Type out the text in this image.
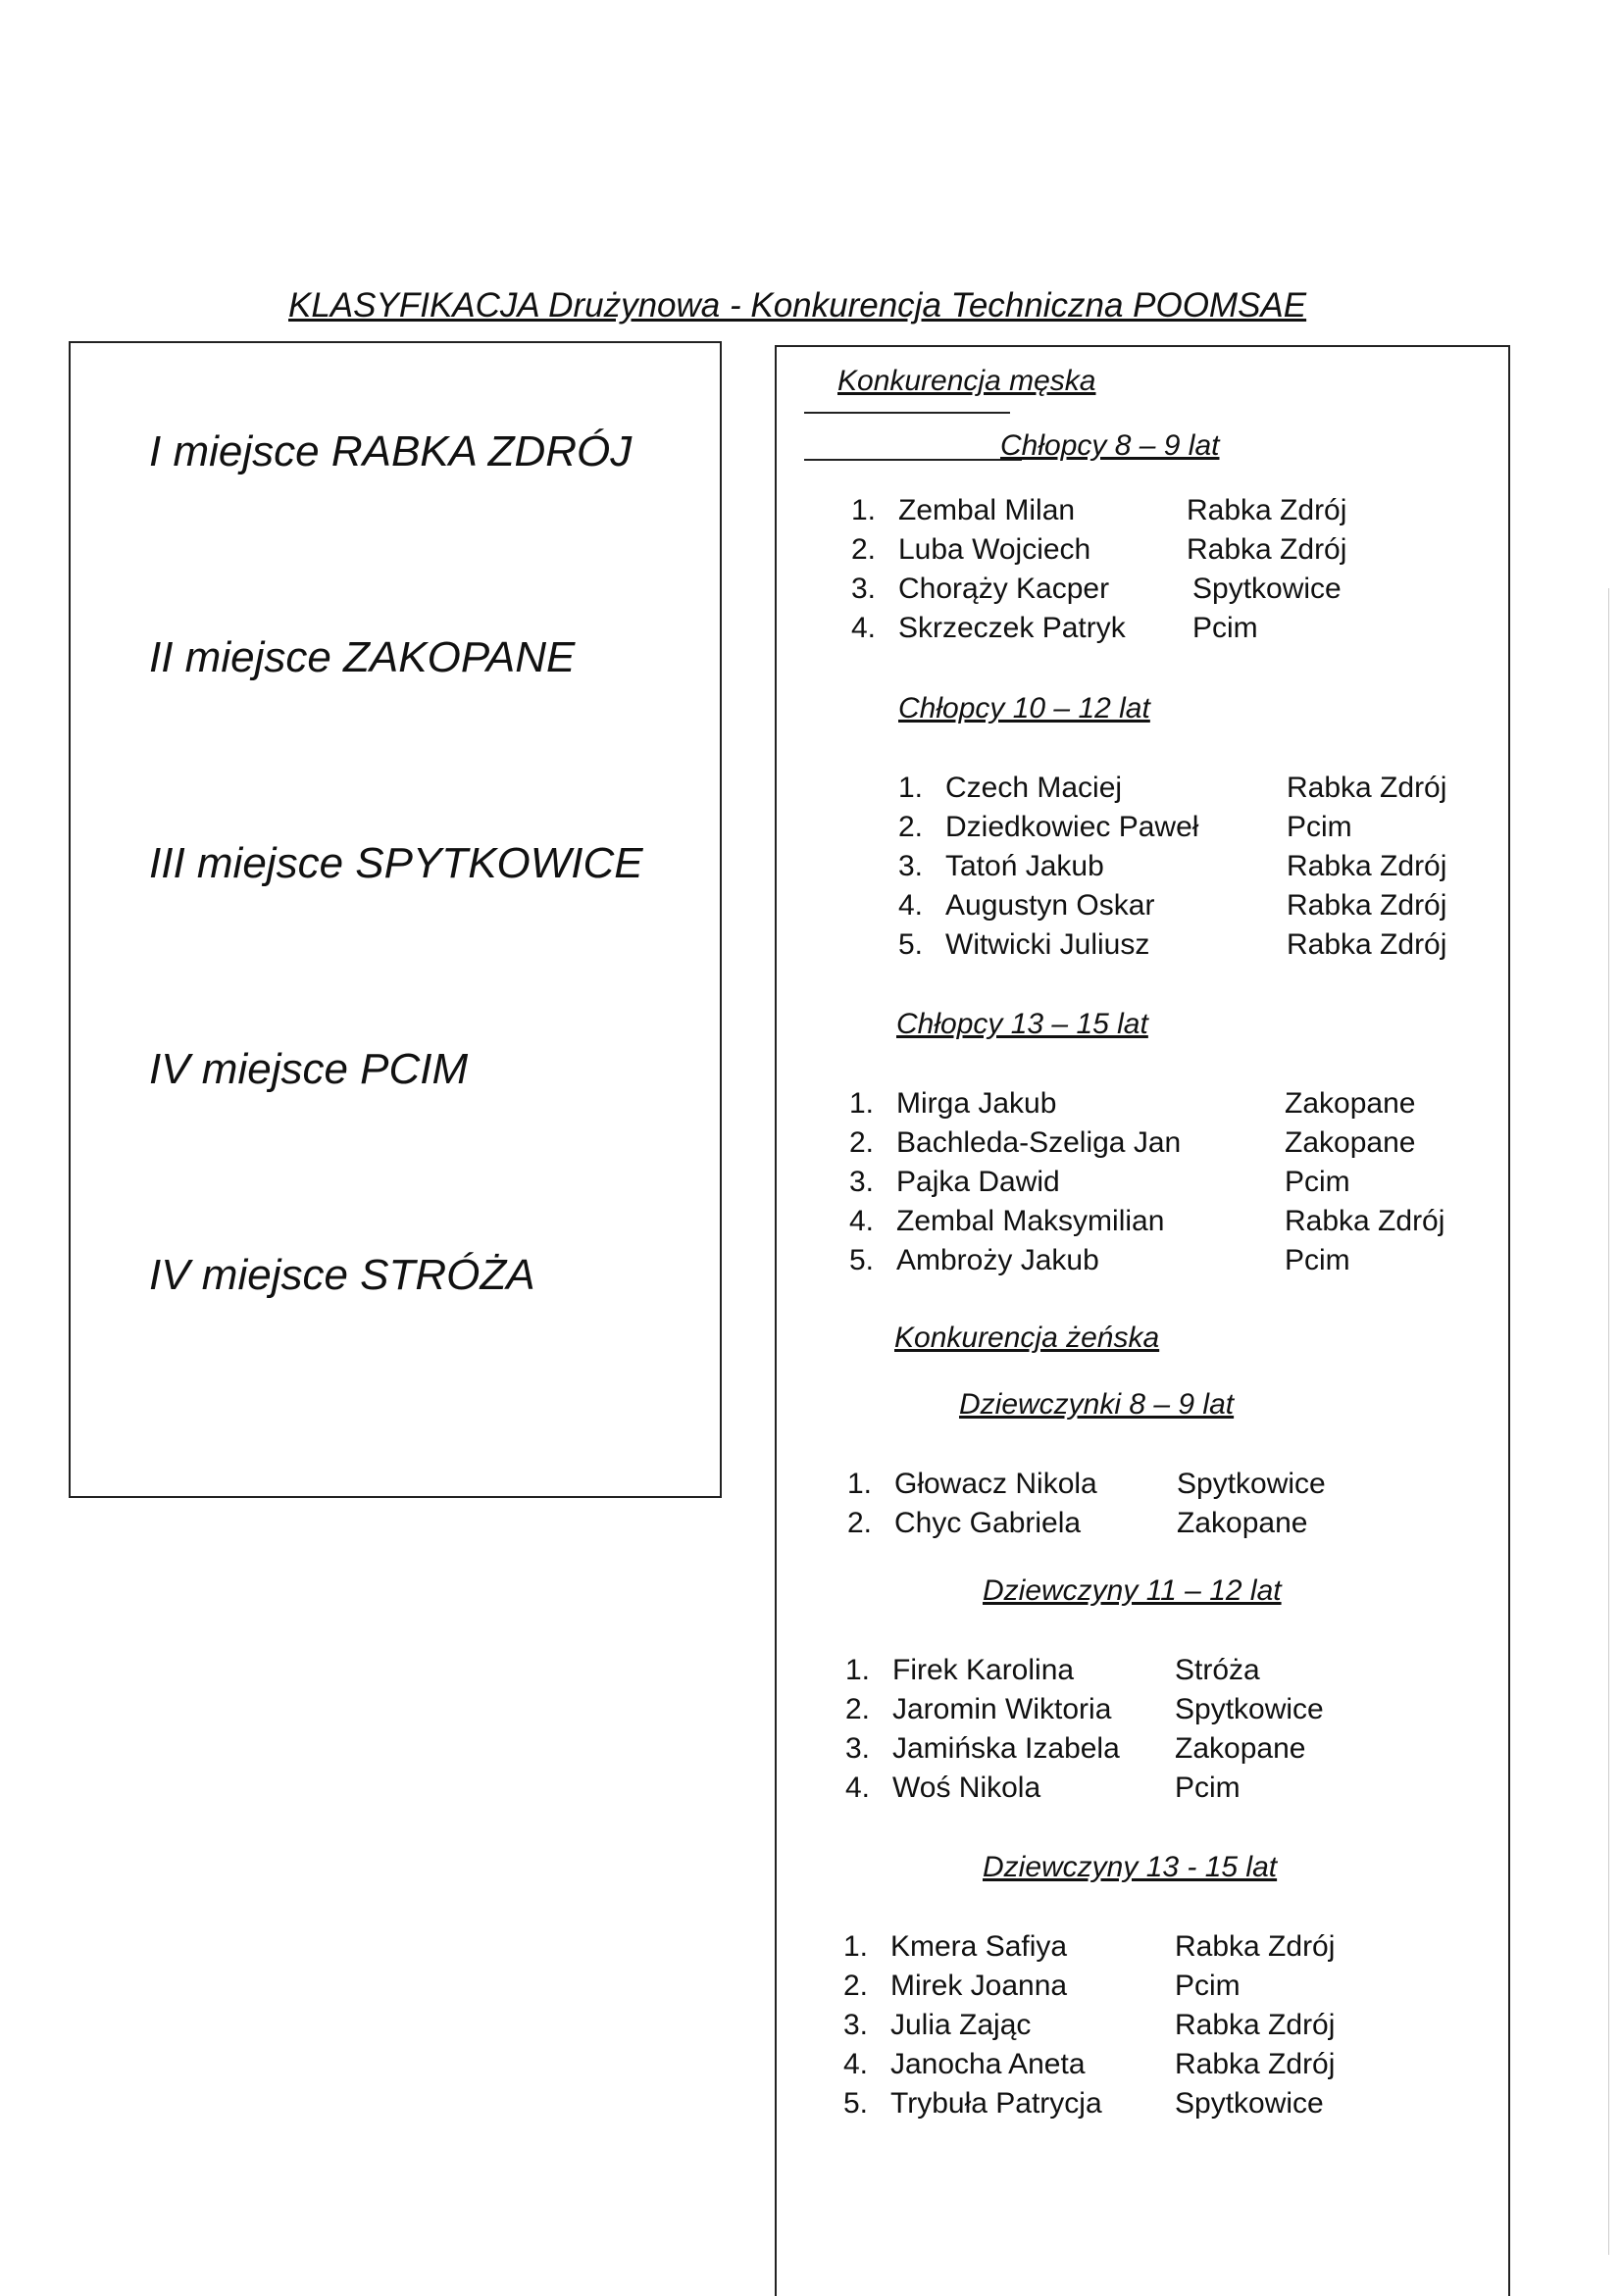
KLASYFIKACJA Drużynowa - Konkurencja Techniczna POOMSAE
I miejsce RABKA ZDRÓJ
II miejsce ZAKOPANE
III miejsce SPYTKOWICE
IV miejsce PCIM
IV miejsce STRÓŻA
Konkurencja męska
Chłopcy 8 – 9 lat
1. Zembal Milan	Rabka Zdrój
2. Luba Wojciech	Rabka Zdrój
3. Chorąży Kacper	Spytkowice
4. Skrzeczek Patryk Pcim
Chłopcy 10 – 12 lat
1. Czech Maciej	Rabka Zdrój
2. Dziedkowiec Paweł	Pcim
3. Tatoń Jakub	Rabka Zdrój
4. Augustyn Oskar	Rabka Zdrój
5. Witwicki Juliusz	Rabka Zdrój
Chłopcy 13 – 15 lat
1. Mirga Jakub	Zakopane
2. Bachleda-Szeliga Jan	Zakopane
3. Pajka Dawid	Pcim
4. Zembal Maksymilian	Rabka Zdrój
5. Ambroży Jakub	Pcim
Konkurencja żeńska
Dziewczynki 8 – 9 lat
1. Głowacz Nikola	Spytkowice
2. Chyc Gabriela	Zakopane
Dziewczyny 11 – 12 lat
1. Firek Karolina	Stróża
2. Jaromin Wiktoria Spytkowice
3. Jamińska Izabela Zakopane
4. Woś Nikola	Pcim
Dziewczyny 13 - 15 lat
1. Kmera Safiya	Rabka Zdrój
2. Mirek Joanna	Pcim
3. Julia Zając	Rabka Zdrój
4. Janocha Aneta	Rabka Zdrój
5. Trybuła Patrycja Spytkowice
